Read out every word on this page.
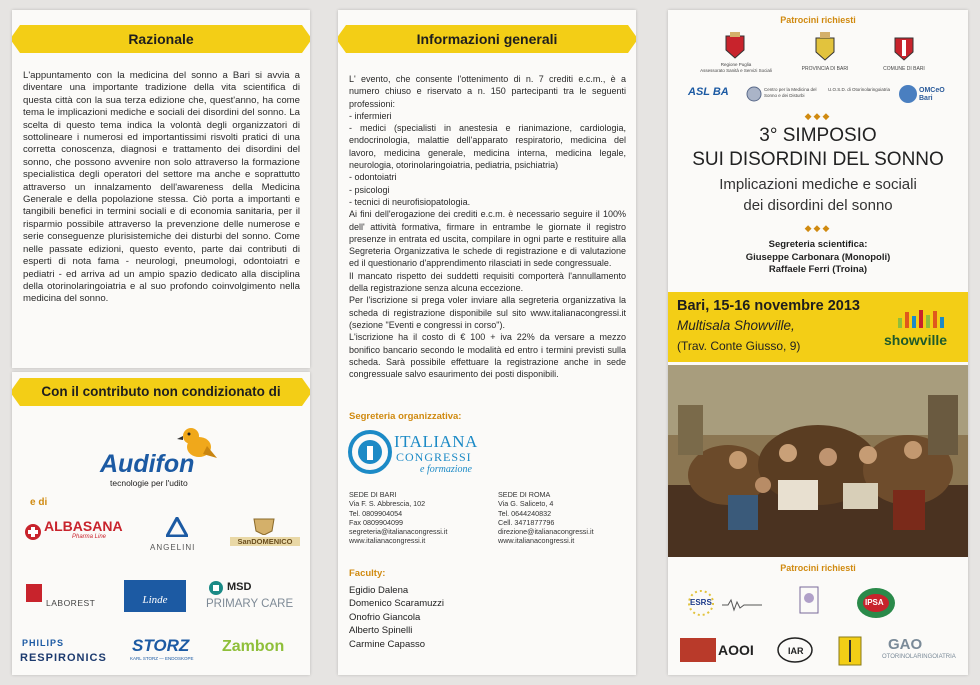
Razionale
L'appuntamento con la medicina del sonno a Bari si avvia a diventare una importante tradizione della vita scientifica di questa città con la sua terza edizione che, quest'anno, ha come tema le implicazioni mediche e sociali dei disordini del sonno. La scelta di questo tema indica la volontà degli organizzatori di sottolineare i numerosi ed importantissimi risvolti pratici di una corretta conoscenza, diagnosi e trattamento dei disordini del sonno, che possono avvenire non solo attraverso la formazione specialistica degli operatori del settore ma anche e soprattutto attraverso un innalzamento dell'awareness della Medicina Generale e della popolazione stessa. Ciò porta a importanti e tangibili benefici in termini sociali e di economia sanitaria, per il risparmio possibile attraverso la prevenzione delle numerose e serie conseguenze plurisistemiche dei disturbi del sonno. Come nelle passate edizioni, questo evento, parte dai contributi di esperti di nota fama - neurologi, pneumologi, odontoiatri e pediatri - ed arriva ad un ampio spazio dedicato alla disciplina della otorinolaringoiatria e al suo profondo coinvolgimento nella medicina del sonno.
Con il contributo non condizionato di
Audifon
tecnologie per l'udito
e di
ALBASANA
Pharma Line
ANGELINI
SanDOMENICO
LABOREST	Linde
MSD
PRIMARY CARE
PHILIPS
RESPIRONICS
STORZ
KARL STORZ — ENDOSKOPE
Zambon
Informazioni generali
L' evento, che consente l'ottenimento di n. 7 crediti e.c.m., è a numero chiuso e riservato a n. 150 partecipanti tra le seguenti professioni:
- infermieri
- medici (specialisti in anestesia e rianimazione, cardiologia, endocrinologia, malattie dell'apparato respiratorio, medicina del lavoro, medicina generale, medicina interna, medicina legale, neurologia, otorinolaringoiatria, pediatria, psichiatria)
- odontoiatri
- psicologi
- tecnici di neurofisiopatologia.
Ai fini dell'erogazione dei crediti e.c.m. è necessario seguire il 100% dell' attività formativa, firmare in entrambe le giornate il registro presenze in entrata ed uscita, compilare in ogni parte e restituire alla Segreteria Organizzativa le schede di registrazione e di valutazione ed il questionario d'apprendimento rilasciati in sede congressuale.
Il mancato rispetto dei suddetti requisiti comporterà l'annullamento della registrazione senza alcuna eccezione.
Per l'iscrizione si prega voler inviare alla segreteria organizzativa la scheda di registrazione disponibile sul sito www.italianacongressi.it (sezione "Eventi e congressi in corso").
L'iscrizione ha il costo di € 100 + iva 22% da versare a mezzo bonifico bancario secondo le modalità ed entro i termini previsti sulla scheda. Sarà possibile effettuare la registrazione anche in sede congressuale salvo esaurimento dei posti disponibili.
Segreteria organizzativa:
ITALIANA
CONGRESSI
e formazione
SEDE DI BARI
Via F. S. Abbrescia, 102
Tel. 0809904054
Fax 0809904099
segreteria@italianacongressi.it
www.italianacongressi.it
SEDE DI ROMA
Via G. Saliceto, 4
Tel. 0644240832
Cell. 3471877796
direzione@italianacongressi.it
www.italianacongressi.it
Faculty:
Egidio Dalena
Domenico Scaramuzzi
Onofrio Giancola
Alberto Spinelli
Carmine Capasso
Patrocini richiesti
Regione Puglia
Assessorato Sanità e Servizi Sociali	PROVINCIA DI BARI	COMUNE DI BARI
ASL BA	Centro per la Medicina del Sonno e dei Disturbi
U.O.S.D. di Otorinolaringoiatria	OMCeO Bari
◆◆◆
3° SIMPOSIO
SUI DISORDINI DEL SONNO
Implicazioni mediche e sociali
dei disordini del sonno
◆◆◆
Segreteria scientifica:
Giuseppe Carbonara (Monopoli)
Raffaele Ferri (Troina)
Bari, 15-16 novembre 2013
Multisala Showville,
(Trav. Conte Giusso, 9)	showville
Patrocini richiesti
ESRS	IPSA
AOOI	IAR	GAO
OTORINOLARINGOIATRIA
